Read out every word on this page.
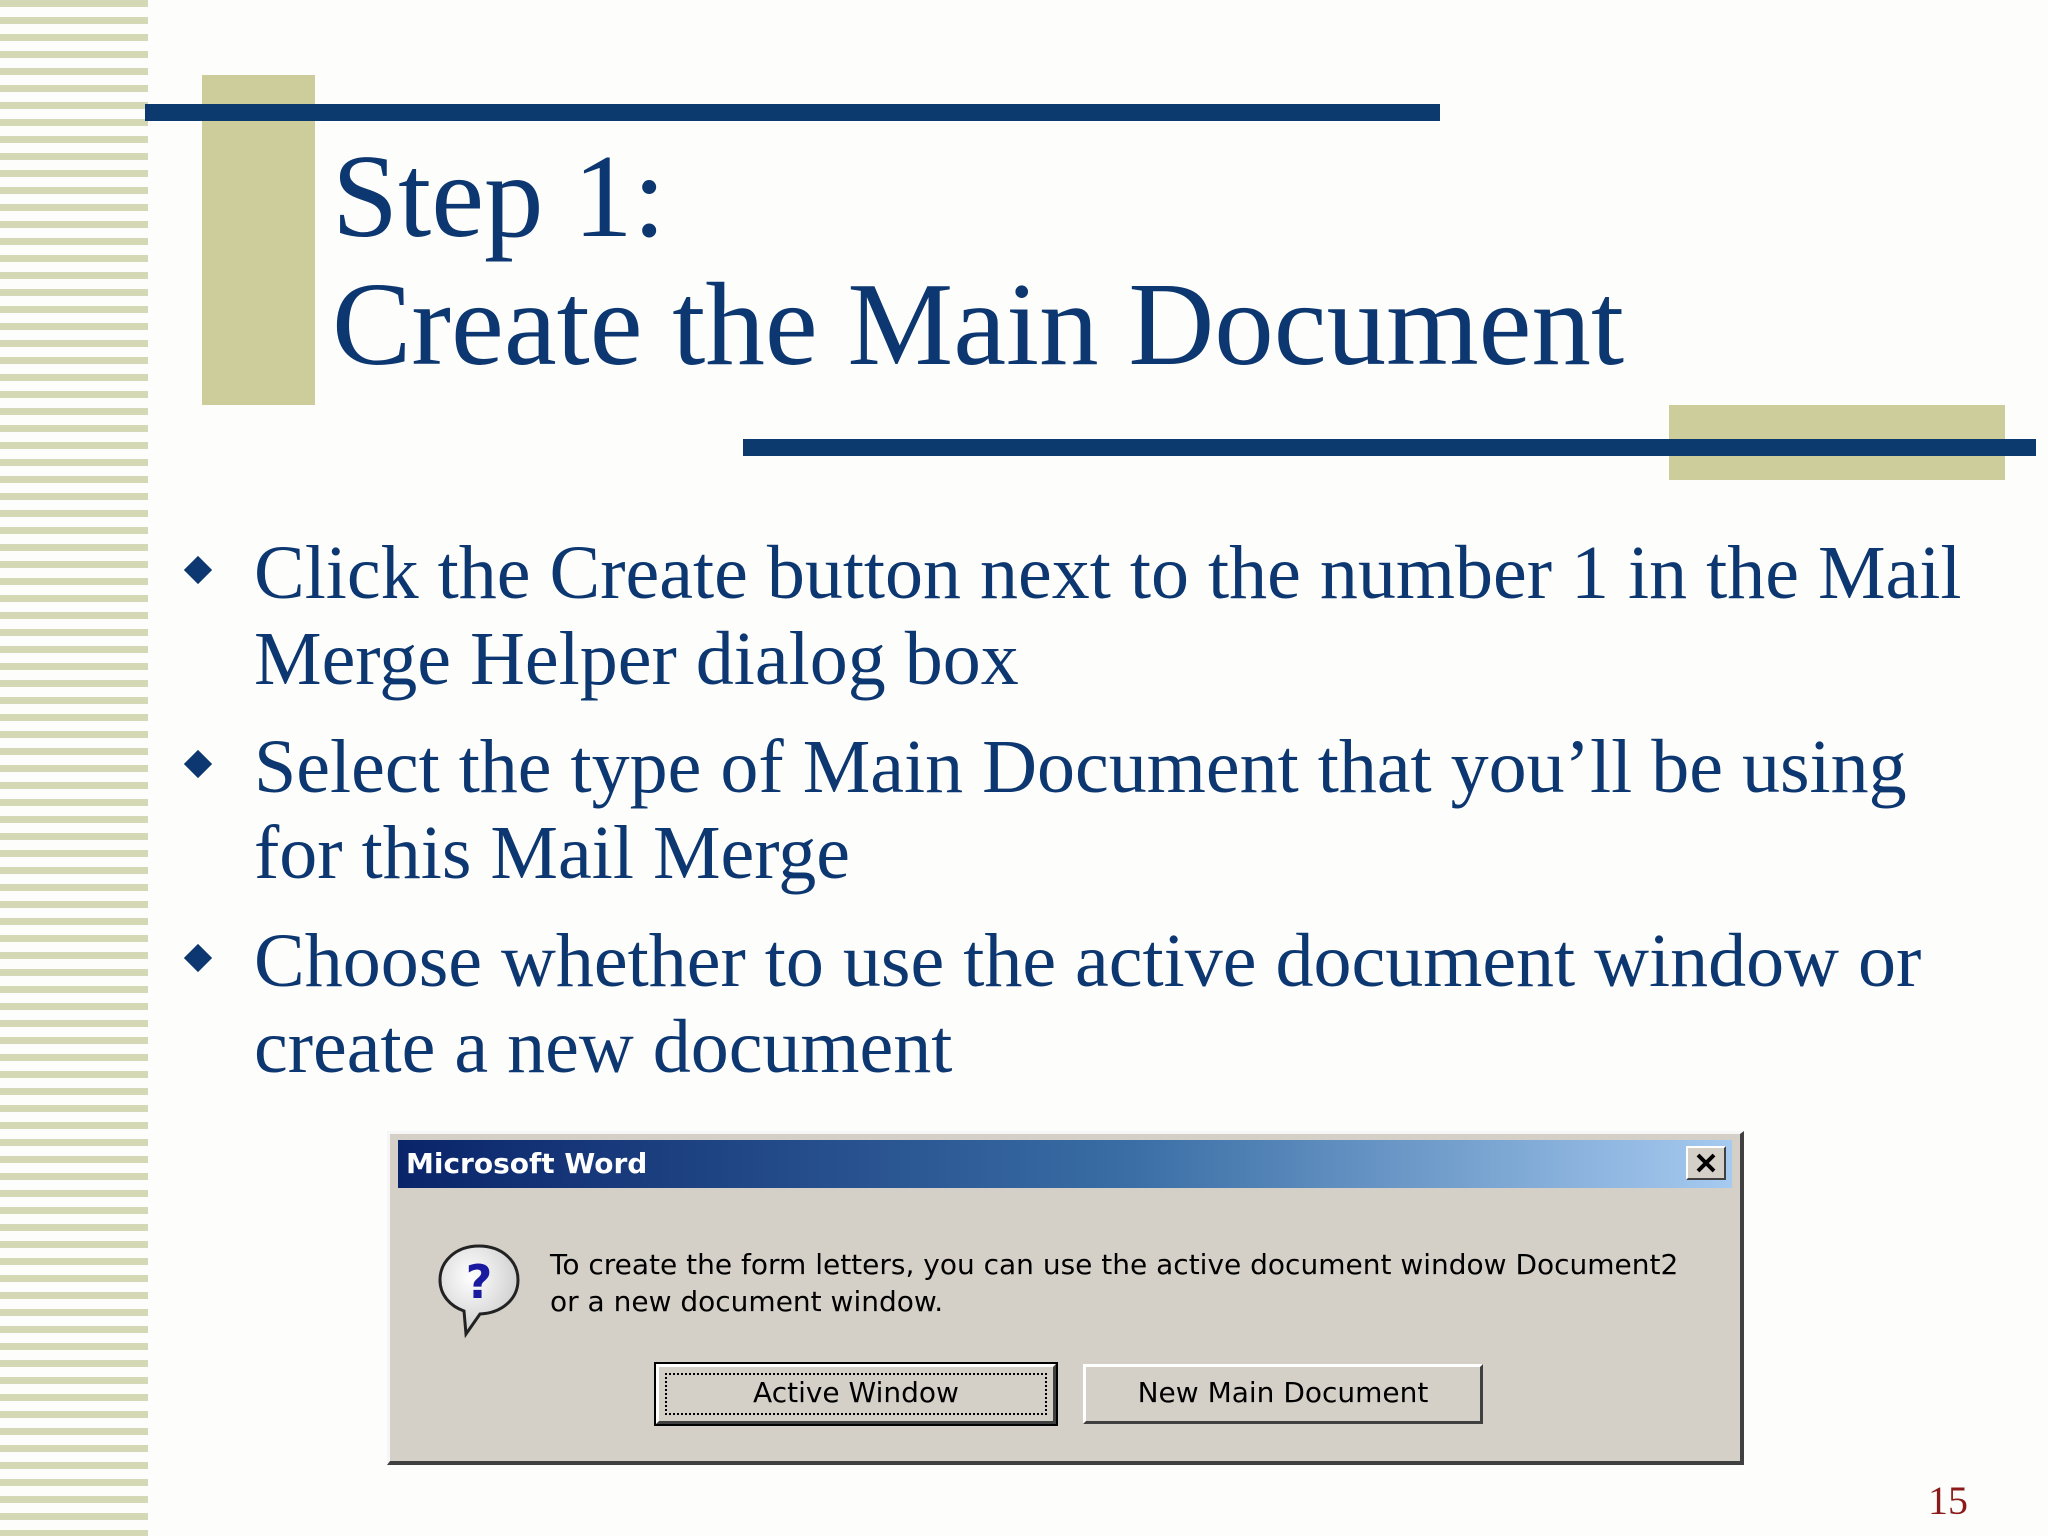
Step 1:
Create the Main Document
Click the Create button next to the number 1 in the Mail Merge Helper dialog box
Select the type of Main Document that you’ll be using for this Mail Merge
Choose whether to use the active document window or create a new document
Microsoft Word
? To create the form letters, you can use the active document window Document2 or a new document window.

Active Window	New Main Document
15
